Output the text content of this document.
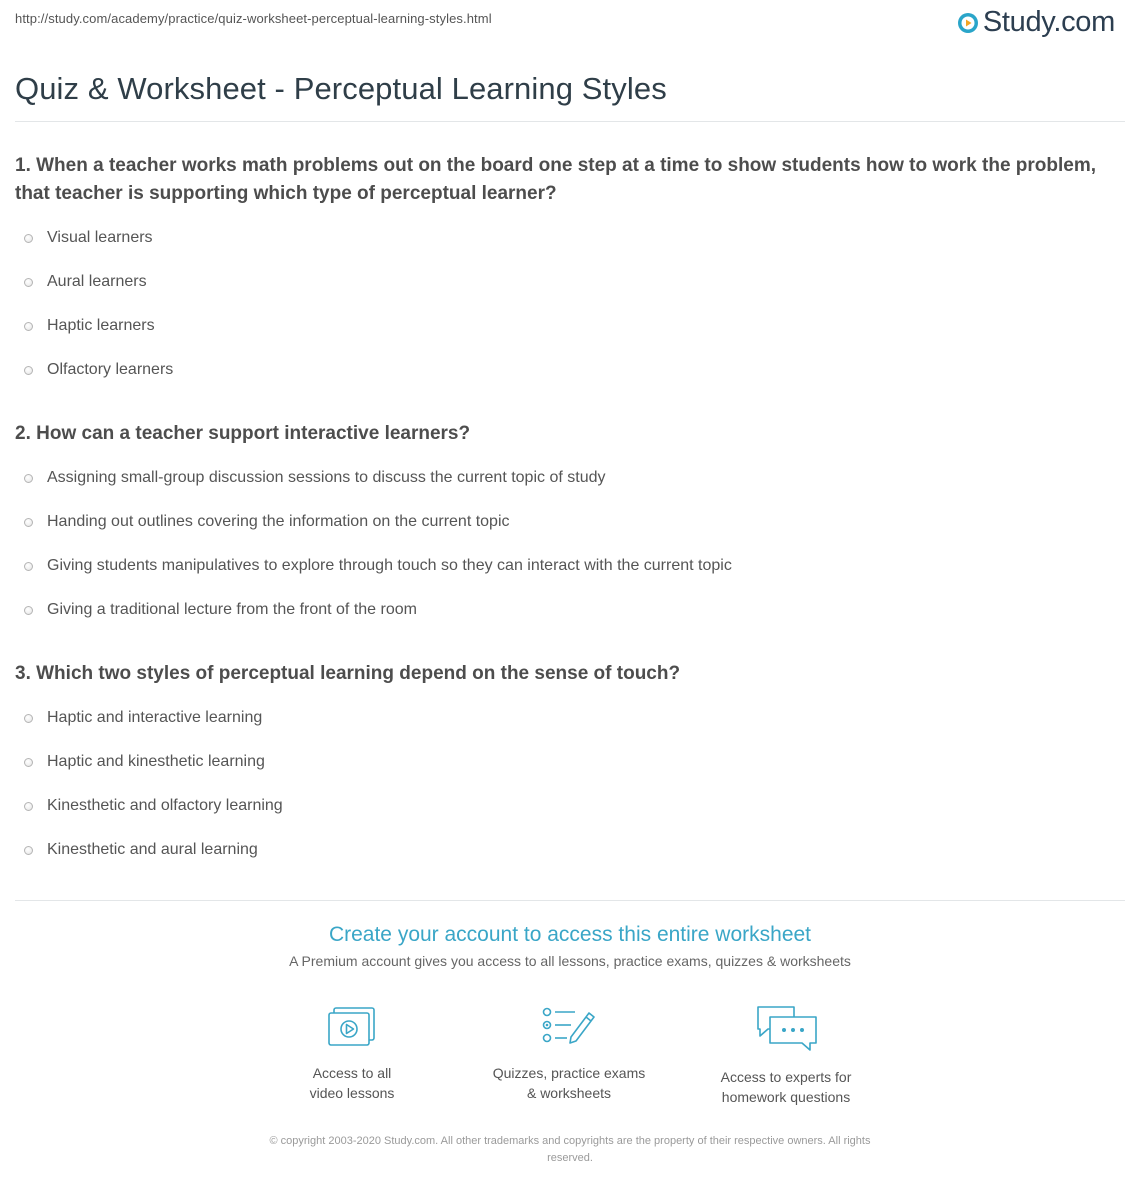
http://study.com/academy/practice/quiz-worksheet-perceptual-learning-styles.html	Study.com
Quiz & Worksheet - Perceptual Learning Styles

1. When a teacher works math problems out on the board one step at a time to show students how to work the problem, that teacher is supporting which type of perceptual learner?

Visual learners
Aural learners
Haptic learners
Olfactory learners

2. How can a teacher support interactive learners?

Assigning small-group discussion sessions to discuss the current topic of study
Handing out outlines covering the information on the current topic
Giving students manipulatives to explore through touch so they can interact with the current topic
Giving a traditional lecture from the front of the room

3. Which two styles of perceptual learning depend on the sense of touch?

Haptic and interactive learning
Haptic and kinesthetic learning
Kinesthetic and olfactory learning
Kinesthetic and aural learning
Create your account to access this entire worksheet
A Premium account gives you access to all lessons, practice exams, quizzes & worksheets
Access to all
video lessons
Quizzes, practice exams
& worksheets
Access to experts for
homework questions
© copyright 2003-2020 Study.com. All other trademarks and copyrights are the property of their respective owners. All rights
reserved.
